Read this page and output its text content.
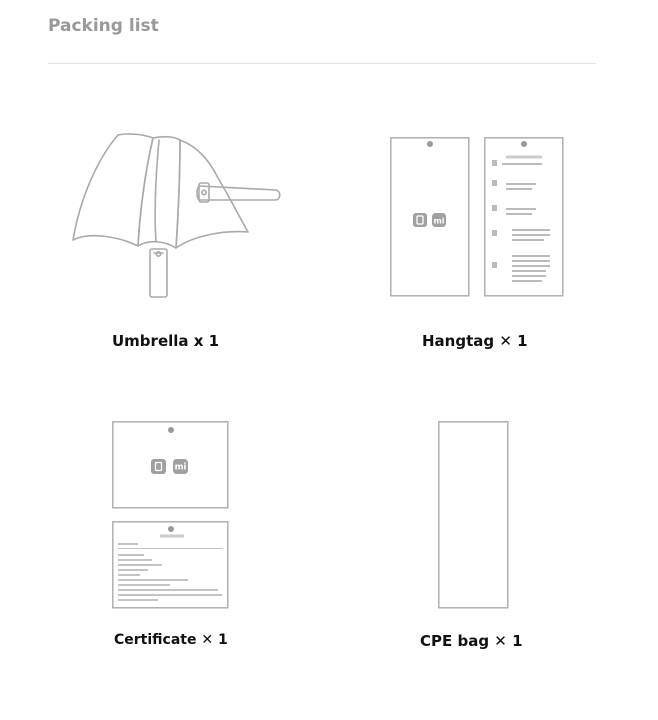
Packing list
Umbrella x 1
mi
Hangtag ✕ 1
mi
Certificate ✕ 1	CPE bag ✕ 1
